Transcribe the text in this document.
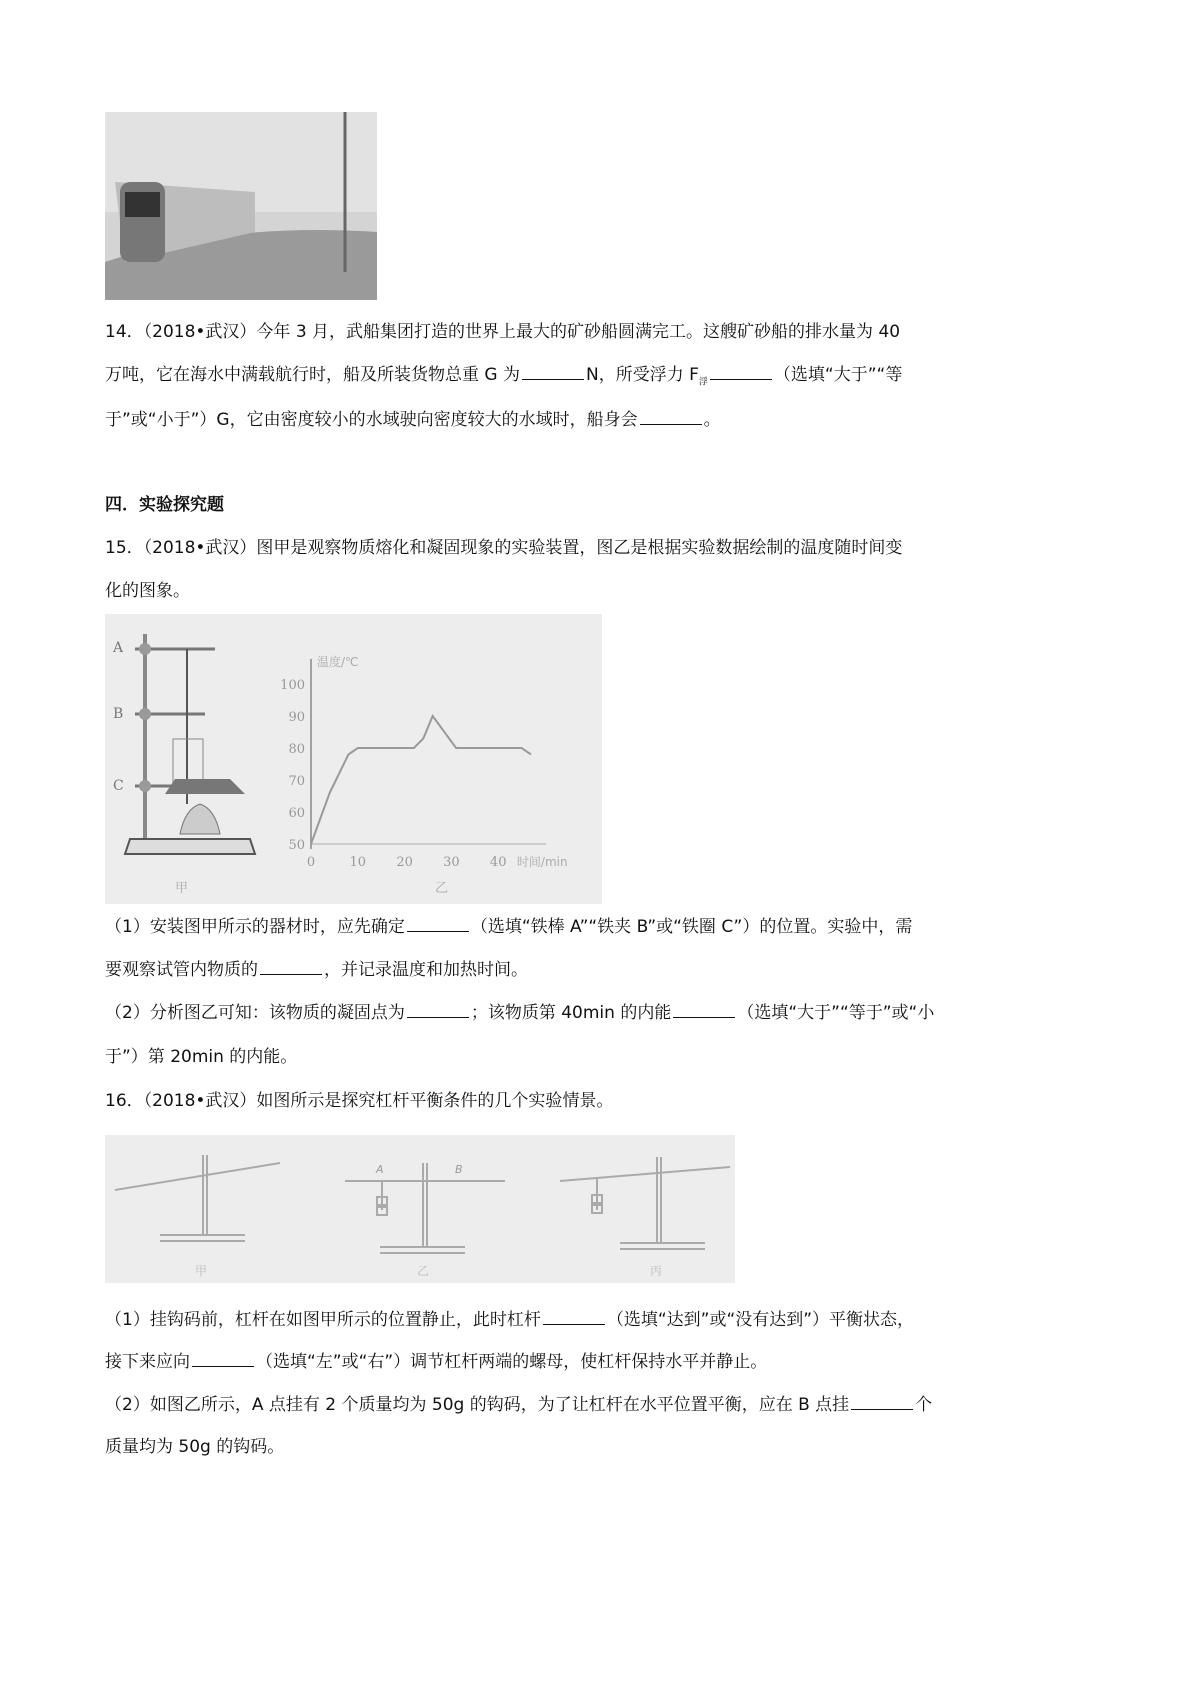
14．（2018•武汉）今年 3 月，武船集团打造的世界上最大的矿砂船圆满完工。这艘矿砂船的排水量为 40
万吨，它在海水中满载航行时，船及所装货物总重 G 为	N，所受浮力 $F_浮$	（选填“大于”“等
于”或“小于”）G，它由密度较小的水域驶向密度较大的水域时，船身会	。
四．实验探究题
15．（2018•武汉）图甲是观察物质熔化和凝固现象的实验装置，图乙是根据实验数据绘制的温度随时间变
化的图象。
A
B
C
甲	乙
温度/℃
时间/min
50
60
70
80
90
100
0	10 20 30 40
（1）安装图甲所示的器材时，应先确定	（选填“铁棒 A”“铁夹 B”或“铁圈 C”）的位置。实验中，需
要观察试管内物质的	，并记录温度和加热时间。
（2）分析图乙可知：该物质的凝固点为	；该物质第 40min 的内能	（选填“大于”“等于”或“小
于”）第 20min 的内能。
16．（2018•武汉）如图所示是探究杠杆平衡条件的几个实验情景。
A	B
甲	乙	丙
（1）挂钩码前，杠杆在如图甲所示的位置静止，此时杠杆	（选填“达到”或“没有达到”）平衡状态，
接下来应向	（选填“左”或“右”）调节杠杆两端的螺母，使杠杆保持水平并静止。
（2）如图乙所示，A 点挂有 2 个质量均为 50g 的钩码，为了让杠杆在水平位置平衡，应在 B 点挂	个
质量均为 50g 的钩码。
